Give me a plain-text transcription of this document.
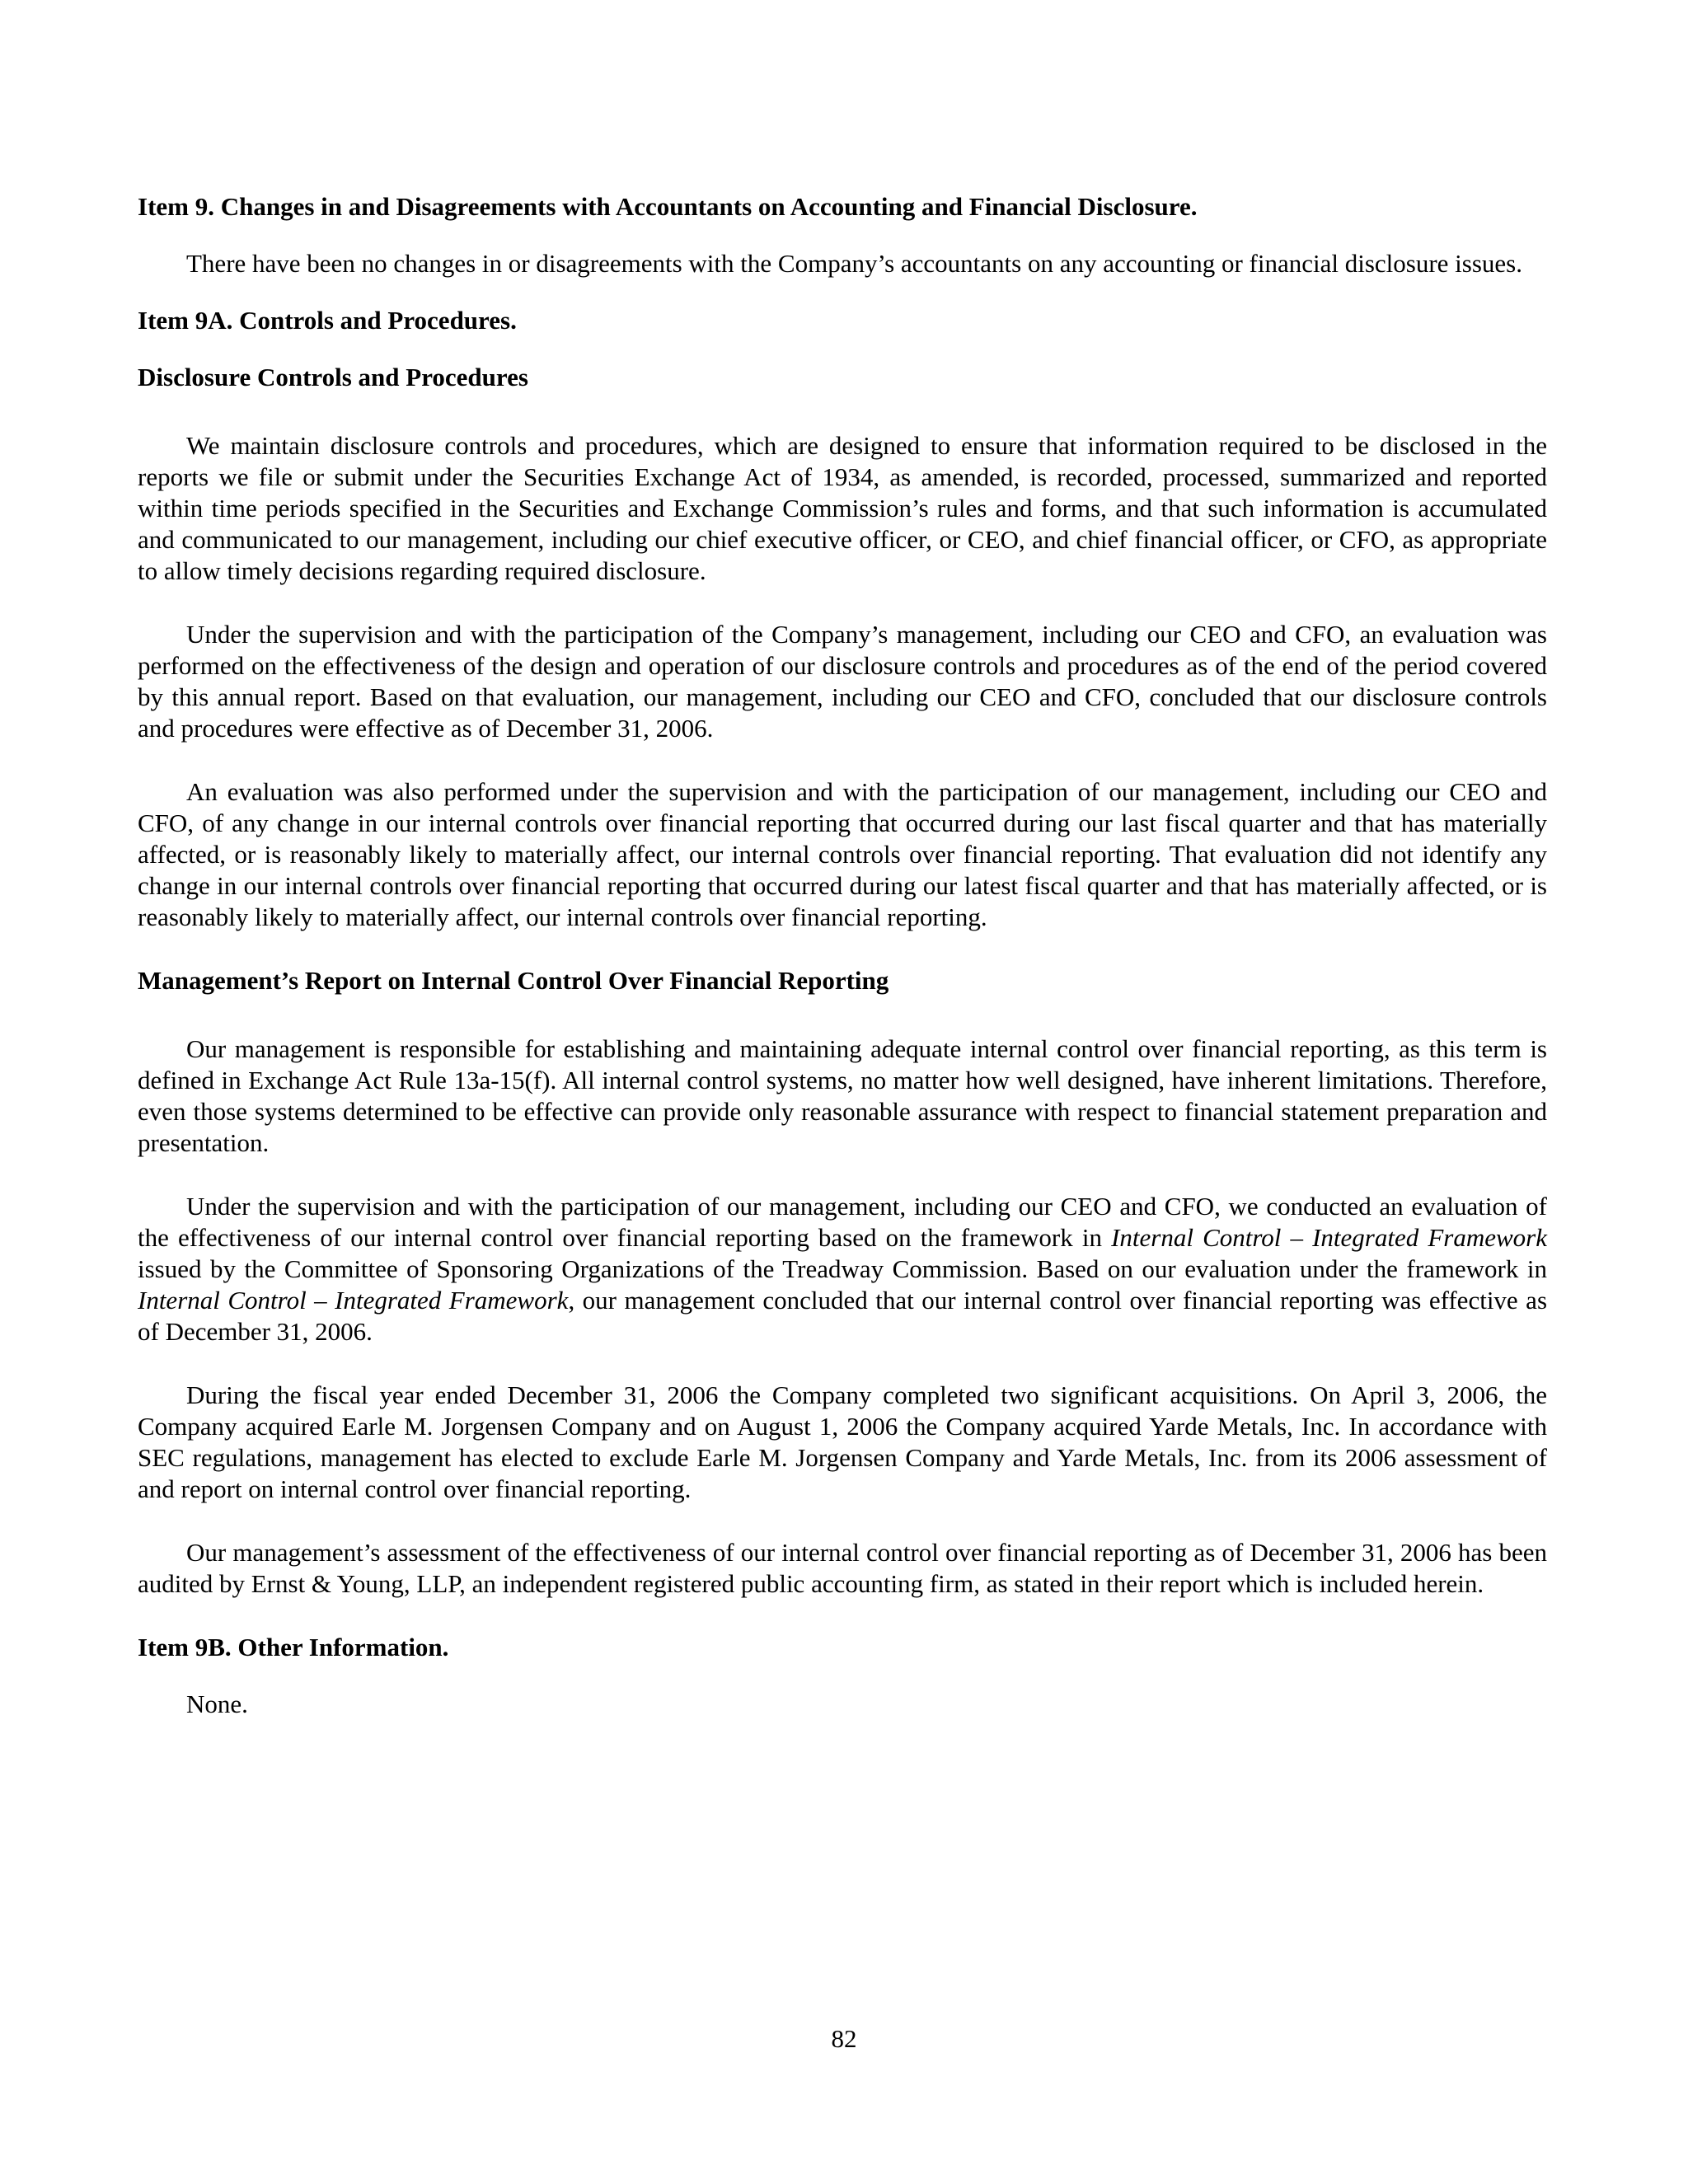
Item 9. Changes in and Disagreements with Accountants on Accounting and Financial Disclosure.

There have been no changes in or disagreements with the Company’s accountants on any accounting or financial disclosure issues.

Item 9A. Controls and Procedures.

Disclosure Controls and Procedures

We maintain disclosure controls and procedures, which are designed to ensure that information required to be disclosed in the reports we file or submit under the Securities Exchange Act of 1934, as amended, is recorded, processed, summarized and reported within time periods specified in the Securities and Exchange Commission’s rules and forms, and that such information is accumulated and communicated to our management, including our chief executive officer, or CEO, and chief financial officer, or CFO, as appropriate to allow timely decisions regarding required disclosure.

Under the supervision and with the participation of the Company’s management, including our CEO and CFO, an evaluation was performed on the effectiveness of the design and operation of our disclosure controls and procedures as of the end of the period covered by this annual report. Based on that evaluation, our management, including our CEO and CFO, concluded that our disclosure controls and procedures were effective as of December 31, 2006.

An evaluation was also performed under the supervision and with the participation of our management, including our CEO and CFO, of any change in our internal controls over financial reporting that occurred during our last fiscal quarter and that has materially affected, or is reasonably likely to materially affect, our internal controls over financial reporting. That evaluation did not identify any change in our internal controls over financial reporting that occurred during our latest fiscal quarter and that has materially affected, or is reasonably likely to materially affect, our internal controls over financial reporting.

Management’s Report on Internal Control Over Financial Reporting

Our management is responsible for establishing and maintaining adequate internal control over financial reporting, as this term is defined in Exchange Act Rule 13a-15(f). All internal control systems, no matter how well designed, have inherent limitations. Therefore, even those systems determined to be effective can provide only reasonable assurance with respect to financial statement preparation and presentation.

Under the supervision and with the participation of our management, including our CEO and CFO, we conducted an evaluation of the effectiveness of our internal control over financial reporting based on the framework in Internal Control – Integrated Framework issued by the Committee of Sponsoring Organizations of the Treadway Commission. Based on our evaluation under the framework in Internal Control – Integrated Framework, our management concluded that our internal control over financial reporting was effective as of December 31, 2006.

During the fiscal year ended December 31, 2006 the Company completed two significant acquisitions. On April 3, 2006, the Company acquired Earle M. Jorgensen Company and on August 1, 2006 the Company acquired Yarde Metals, Inc. In accordance with SEC regulations, management has elected to exclude Earle M. Jorgensen Company and Yarde Metals, Inc. from its 2006 assessment of and report on internal control over financial reporting.

Our management’s assessment of the effectiveness of our internal control over financial reporting as of December 31, 2006 has been audited by Ernst & Young, LLP, an independent registered public accounting firm, as stated in their report which is included herein.

Item 9B. Other Information.

None.

82
